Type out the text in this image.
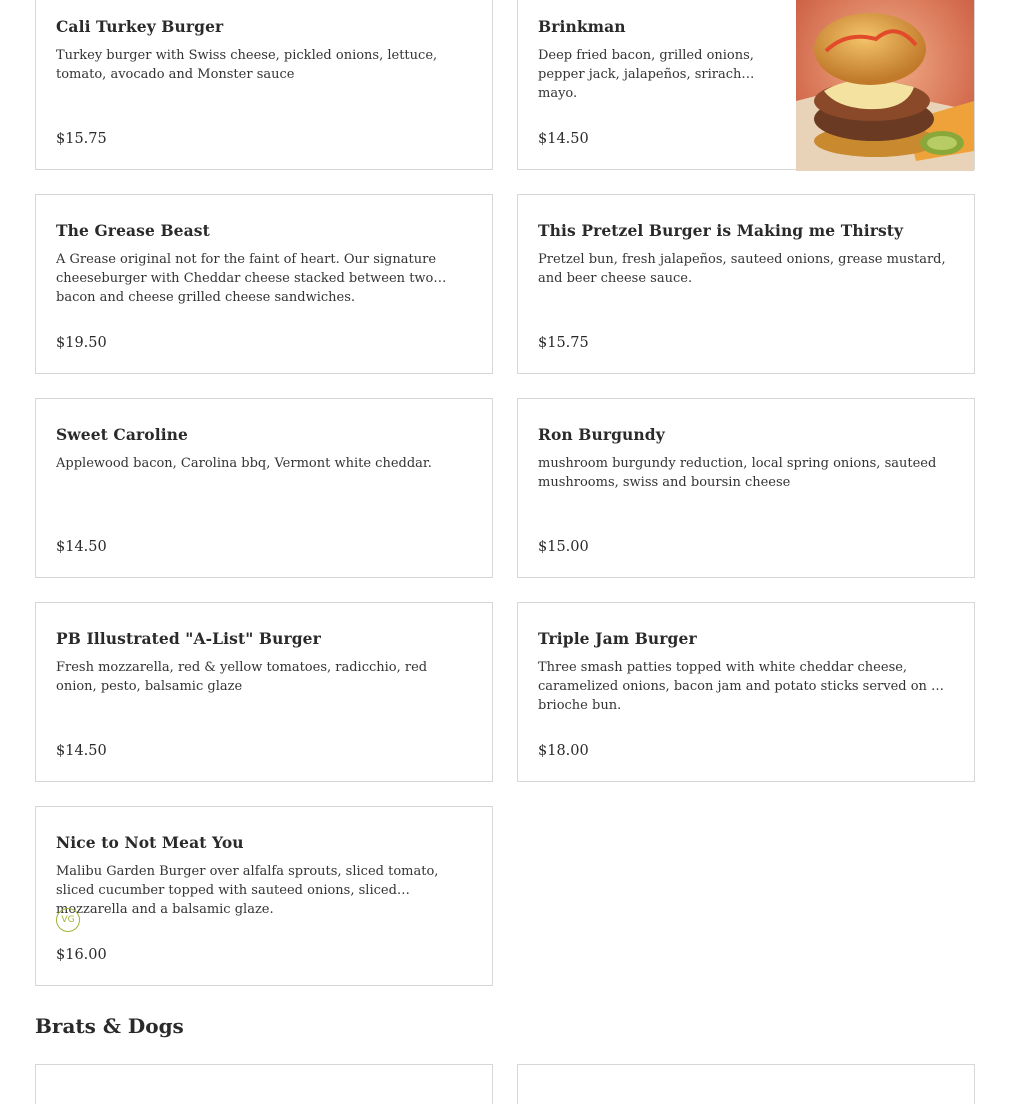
Cali Turkey Burger
Turkey burger with Swiss cheese, pickled onions, lettuce, tomato, avocado and Monster sauce
$15.75
Brinkman
Deep fried bacon, grilled onions, pepper jack, jalapeños, sriracha mayo.
$14.50
The Grease Beast
A Grease original not for the faint of heart. Our signature cheeseburger with Cheddar cheese stacked between two bacon and cheese grilled cheese sandwiches.
$19.50
This Pretzel Burger is Making me Thirsty
Pretzel bun, fresh jalapeños, sauteed onions, grease mustard, and beer cheese sauce.
$15.75
Sweet Caroline
Applewood bacon, Carolina bbq, Vermont white cheddar.
$14.50
Ron Burgundy
mushroom burgundy reduction, local spring onions, sauteed mushrooms, swiss and boursin cheese
$15.00
PB Illustrated "A-List" Burger
Fresh mozzarella, red & yellow tomatoes, radicchio, red onion, pesto, balsamic glaze
$14.50
Triple Jam Burger
Three smash patties topped with white cheddar cheese, caramelized onions, bacon jam and potato sticks served on a brioche bun.
$18.00
Nice to Not Meat You
Malibu Garden Burger over alfalfa sprouts, sliced tomato, sliced cucumber topped with sauteed onions, sliced mozzarella and a balsamic glaze.
VG
$16.00
Brats & Dogs
